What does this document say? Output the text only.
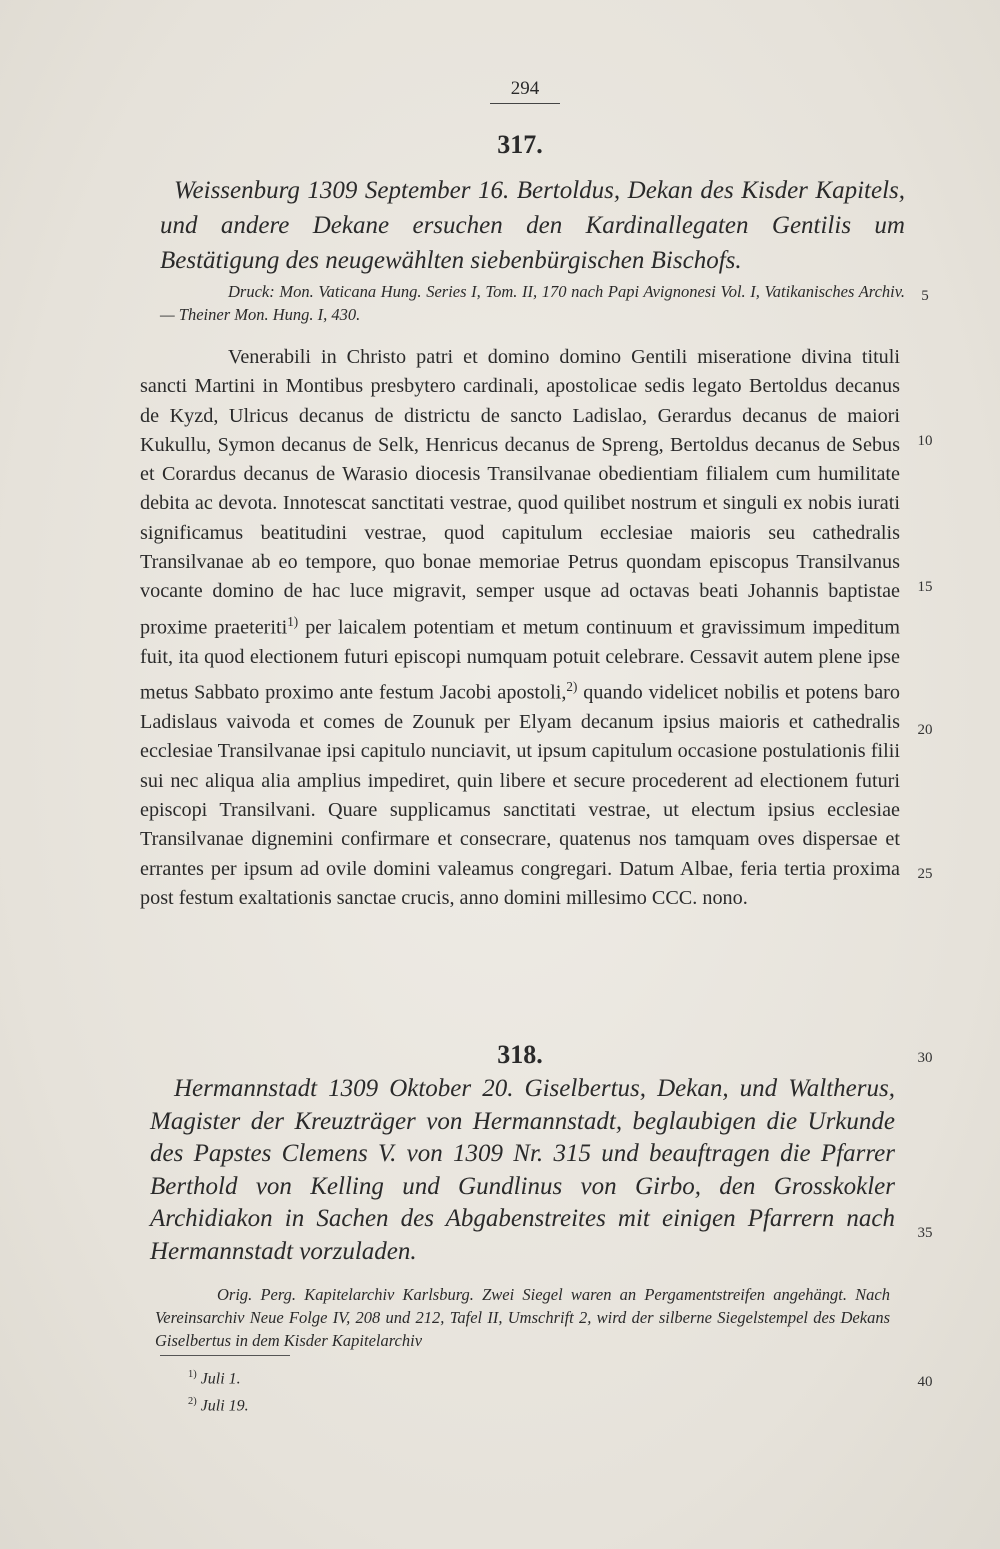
294
317.
Weissenburg 1309 September 16. Bertoldus, Dekan des Kisder Kapitels, und andere Dekane ersuchen den Kardinallegaten Gentilis um Bestätigung des neugewählten siebenbürgischen Bischofs.
Druck: Mon. Vaticana Hung. Series I, Tom. II, 170 nach Papi Avignonesi Vol. I, Vatikanisches Archiv. — Theiner Mon. Hung. I, 430.
Venerabili in Christo patri et domino domino Gentili miseratione divina tituli sancti Martini in Montibus presbytero cardinali, apostolicae sedis legato Bertoldus decanus de Kyzd, Ulricus decanus de districtu de sancto Ladislao, Gerardus decanus de maiori Kukullu, Symon decanus de Selk, Henricus decanus de Spreng, Bertoldus decanus de Sebus et Corardus decanus de Warasio diocesis Transilvanae obedientiam filialem cum humilitate debita ac devota. Innotescat sanctitati vestrae, quod quilibet nostrum et singuli ex nobis iurati significamus beatitudini vestrae, quod capitulum ecclesiae maioris seu cathedralis Transilvanae ab eo tempore, quo bonae memoriae Petrus quondam episcopus Transilvanus vocante domino de hac luce migravit, semper usque ad octavas beati Johannis baptistae proxime praeteriti$^{1)}$ per laicalem potentiam et metum continuum et gravissimum impeditum fuit, ita quod electionem futuri episcopi numquam potuit celebrare. Cessavit autem plene ipse metus Sabbato proximo ante festum Jacobi apostoli,$^{2)}$ quando videlicet nobilis et potens baro Ladislaus vaivoda et comes de Zounuk per Elyam decanum ipsius maioris et cathedralis ecclesiae Transilvanae ipsi capitulo nunciavit, ut ipsum capitulum occasione postulationis filii sui nec aliqua alia amplius impediret, quin libere et secure procederent ad electionem futuri episcopi Transilvani. Quare supplicamus sanctitati vestrae, ut electum ipsius ecclesiae Transilvanae dignemini confirmare et consecrare, quatenus nos tamquam oves dispersae et errantes per ipsum ad ovile domini valeamus congregari. Datum Albae, feria tertia proxima post festum exaltationis sanctae crucis, anno domini millesimo CCC. nono.
318.
Hermannstadt 1309 Oktober 20. Giselbertus, Dekan, und Waltherus, Magister der Kreuzträger von Hermannstadt, beglaubigen die Urkunde des Papstes Clemens V. von 1309 Nr. 315 und beauftragen die Pfarrer Berthold von Kelling und Gundlinus von Girbo, den Grosskokler Archidiakon in Sachen des Abgabenstreites mit einigen Pfarrern nach Hermannstadt vorzuladen.
Orig. Perg. Kapitelarchiv Karlsburg. Zwei Siegel waren an Pergamentstreifen angehängt. Nach Vereinsarchiv Neue Folge IV, 208 und 212, Tafel II, Umschrift 2, wird der silberne Siegelstempel des Dekans Giselbertus in dem Kisder Kapitelarchiv
$^{1)}$ Juli 1.
$^{2)}$ Juli 19.
5
10
15
20
25
30
35
40
